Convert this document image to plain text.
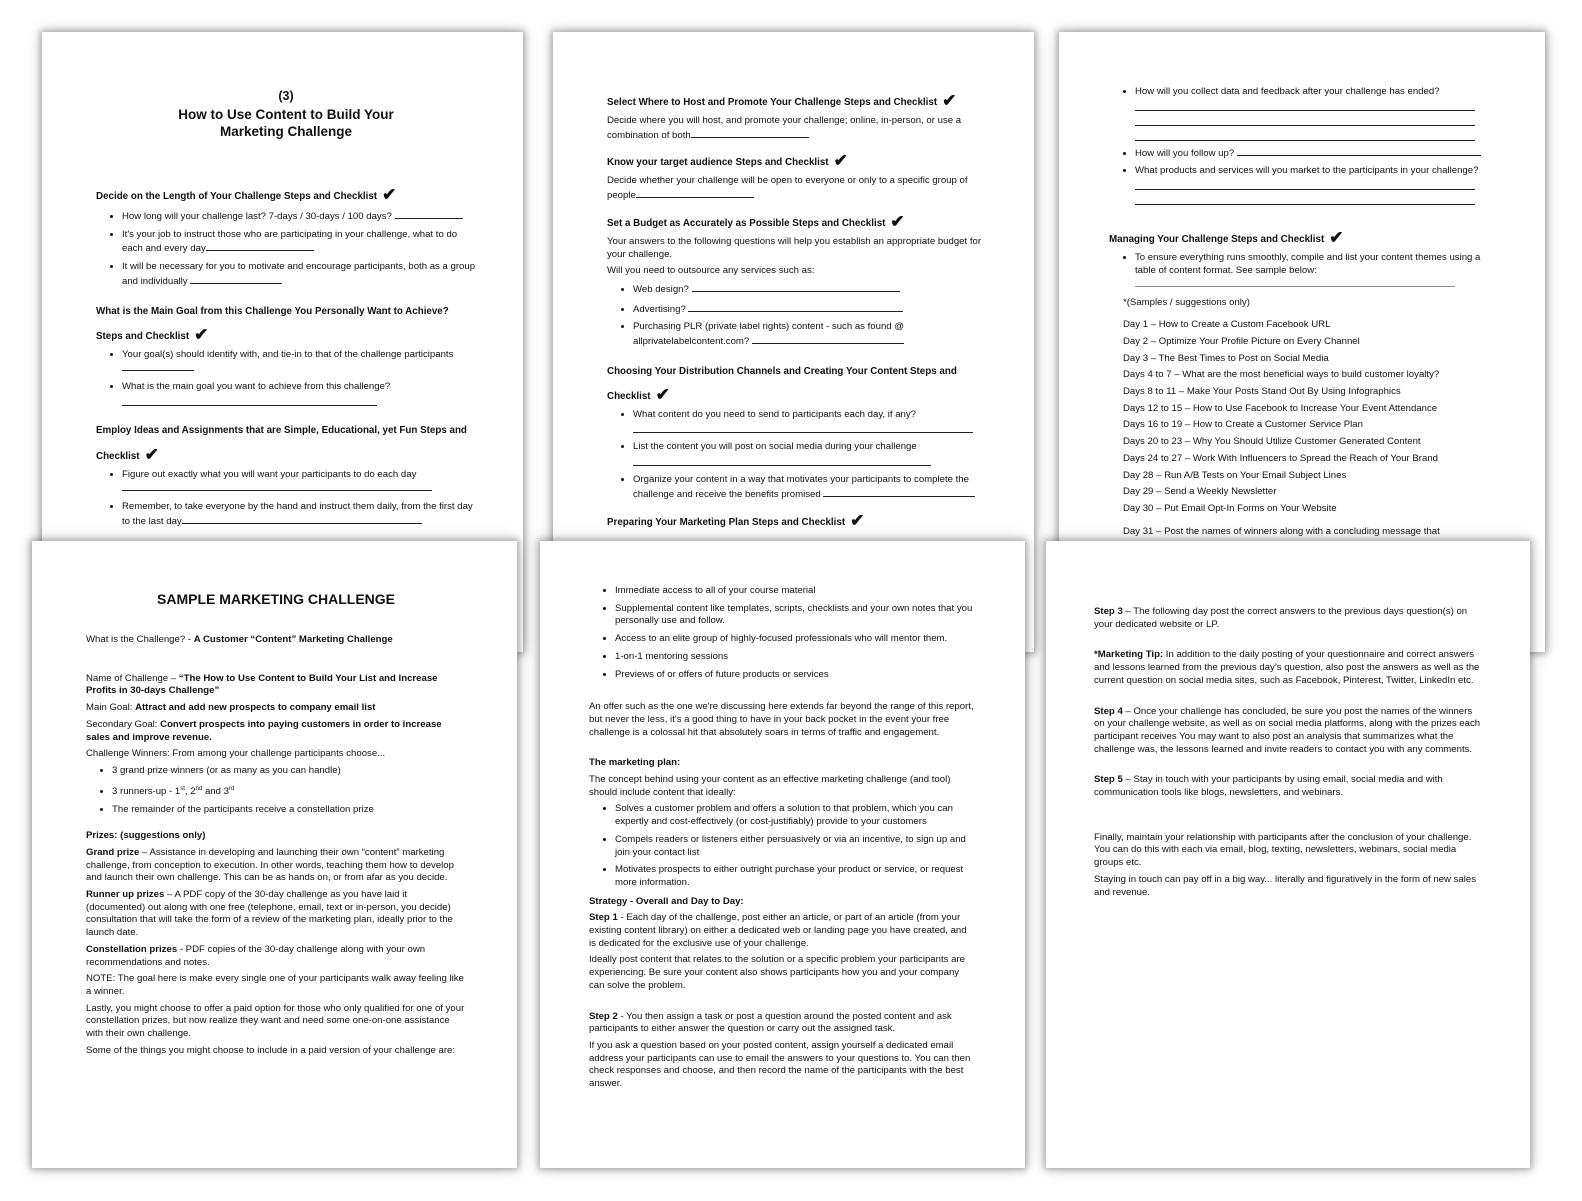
(3)
How to Use Content to Build Your
Marketing Challenge
Decide on the Length of Your Challenge Steps and Checklist ✔
• How long will your challenge last? 7-days / 30-days / 100 days?
• It's your job to instruct those who are participating in your challenge, what to do each and every day
• It will be necessary for you to motivate and encourage participants, both as a group and individually
What is the Main Goal from this Challenge You Personally Want to Achieve?
Steps and Checklist ✔
• Your goal(s) should identify with, and tie-in to that of the challenge participants
• What is the main goal you want to achieve from this challenge?
Employ Ideas and Assignments that are Simple, Educational, yet Fun Steps and
Checklist ✔
• Figure out exactly what you will want your participants to do each day
• Remember, to take everyone by the hand and instruct them daily, from the first day to the last day
Select Where to Host and Promote Your Challenge Steps and Checklist ✔

Decide where you will host, and promote your challenge; online, in-person, or use a combination of both

Know your target audience Steps and Checklist ✔

Decide whether your challenge will be open to everyone or only to a specific group of people

Set a Budget as Accurately as Possible Steps and Checklist ✔

Your answers to the following questions will help you establish an appropriate budget for your challenge.

Will you need to outsource any services such as:

• Web design?
• Advertising?
• Purchasing PLR (private label rights) content - such as found @ allprivatelabelcontent.com?
Choosing Your Distribution Channels and Creating Your Content Steps and
Checklist ✔
• What content do you need to send to participants each day, if any?
• List the content you will post on social media during your challenge
• Organize your content in a way that motivates your participants to complete the challenge and receive the benefits promised
Preparing Your Marketing Plan Steps and Checklist ✔
• How will you collect data and feedback after your challenge has ended?
• How will you follow up?
• What products and services will you market to the participants in your challenge?
Managing Your Challenge Steps and Checklist ✔
• To ensure everything runs smoothly, compile and list your content themes using a table of content format. See sample below:

*(Samples / suggestions only)

Day 1 – How to Create a Custom Facebook URL
Day 2 – Optimize Your Profile Picture on Every Channel
Day 3 – The Best Times to Post on Social Media
Days 4 to 7 – What are the most beneficial ways to build customer loyalty?
Days 8 to 11 – Make Your Posts Stand Out By Using Infographics
Days 12 to 15 – How to Use Facebook to Increase Your Event Attendance
Days 16 to 19 – How to Create a Customer Service Plan
Days 20 to 23 – Why You Should Utilize Customer Generated Content
Days 24 to 27 – Work With Influencers to Spread the Reach of Your Brand
Day 28 – Run A/B Tests on Your Email Subject Lines
Day 29 – Send a Weekly Newsletter
Day 30 – Put Email Opt-In Forms on Your Website
Day 31 – Post the names of winners along with a concluding message that
SAMPLE MARKETING CHALLENGE

What is the Challenge? - A Customer “Content” Marketing Challenge

Name of Challenge – “The How to Use Content to Build Your List and Increase Profits in 30-days Challenge”

Main Goal: Attract and add new prospects to company email list

Secondary Goal: Convert prospects into paying customers in order to increase sales and improve revenue.

Challenge Winners: From among your challenge participants choose...

• 3 grand prize winners (or as many as you can handle)
• 3 runners-up - 1st, 2nd and 3rd
• The remainder of the participants receive a constellation prize

Prizes: (suggestions only)

Grand prize – Assistance in developing and launching their own “content” marketing challenge, from conception to execution. In other words, teaching them how to develop and launch their own challenge. This can be as hands on, or from afar as you decide.

Runner up prizes – A PDF copy of the 30-day challenge as you have laid it (documented) out along with one free (telephone, email, text or in-person, you decide) consultation that will take the form of a review of the marketing plan, ideally prior to the launch date.

Constellation prizes - PDF copies of the 30-day challenge along with your own recommendations and notes.

NOTE: The goal here is make every single one of your participants walk away feeling like a winner.

Lastly, you might choose to offer a paid option for those who only qualified for one of your constellation prizes, but now realize they want and need some one-on-one assistance with their own challenge.

Some of the things you might choose to include in a paid version of your challenge are:

• Immediate access to all of your course material
• Supplemental content like templates, scripts, checklists and your own notes that you personally use and follow.
• Access to an elite group of highly-focused professionals who will mentor them.
• 1-on-1 mentoring sessions
• Previews of or offers of future products or services

An offer such as the one we're discussing here extends far beyond the range of this report, but never the less, it's a good thing to have in your back pocket in the event your free challenge is a colossal hit that absolutely soars in terms of traffic and engagement.

The marketing plan:

The concept behind using your content as an effective marketing challenge (and tool) should include content that ideally:

• Solves a customer problem and offers a solution to that problem, which you can expertly and cost-effectively (or cost-justifiably) provide to your customers
• Compels readers or listeners either persuasively or via an incentive, to sign up and join your contact list
• Motivates prospects to either outright purchase your product or service, or request more information.

Strategy - Overall and Day to Day:

Step 1 - Each day of the challenge, post either an article, or part of an article (from your existing content library) on either a dedicated web or landing page you have created, and is dedicated for the exclusive use of your challenge.

Ideally post content that relates to the solution or a specific problem your participants are experiencing. Be sure your content also shows participants how you and your company can solve the problem.

Step 2 - You then assign a task or post a question around the posted content and ask participants to either answer the question or carry out the assigned task.

If you ask a question based on your posted content, assign yourself a dedicated email address your participants can use to email the answers to your questions to. You can then check responses and choose, and then record the name of the participants with the best answer.

Step 3 – The following day post the correct answers to the previous days question(s) on your dedicated website or LP.

*Marketing Tip: In addition to the daily posting of your questionnaire and correct answers and lessons learned from the previous day’s question, also post the answers as well as the current question on social media sites, such as Facebook, Pinterest, Twitter, LinkedIn etc.

Step 4 – Once your challenge has concluded, be sure you post the names of the winners on your challenge website, as well as on social media platforms, along with the prizes each participant receives You may want to also post an analysis that summarizes what the challenge was, the lessons learned and invite readers to contact you with any comments.

Step 5 – Stay in touch with your participants by using email, social media and with communication tools like blogs, newsletters, and webinars.

Finally, maintain your relationship with participants after the conclusion of your challenge. You can do this with each via email, blog, texting, newsletters, webinars, social media groups etc.

Staying in touch can pay off in a big way... literally and figuratively in the form of new sales and revenue.
